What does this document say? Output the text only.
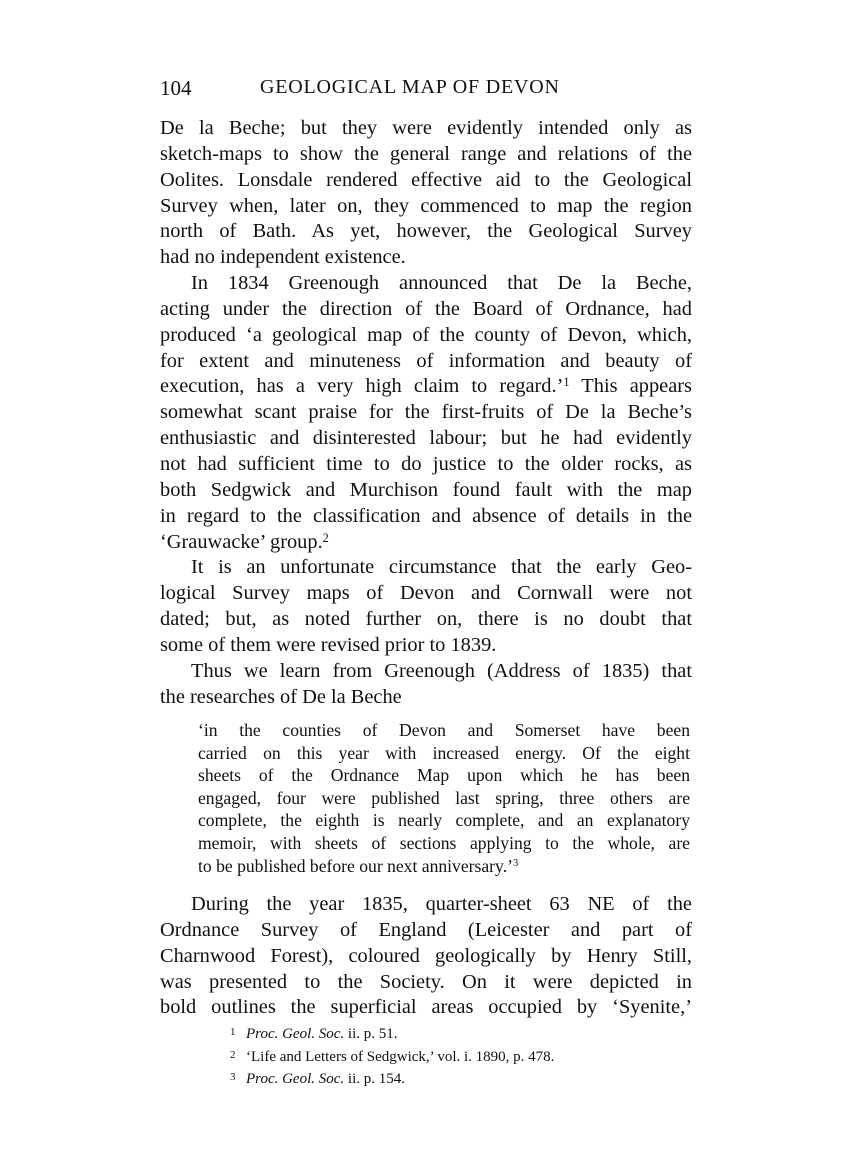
104	GEOLOGICAL MAP OF DEVON
De la Beche; but they were evidently intended only as
sketch-maps to show the general range and relations of the
Oolites. Lonsdale rendered effective aid to the Geological
Survey when, later on, they commenced to map the region
north of Bath. As yet, however, the Geological Survey
had no independent existence.
In 1834 Greenough announced that De la Beche,
acting under the direction of the Board of Ordnance, had
produced ‘a geological map of the county of Devon, which,
for extent and minuteness of information and beauty of
execution, has a very high claim to regard.’$^1$ This appears
somewhat scant praise for the first-fruits of De la Beche’s
enthusiastic and disinterested labour; but he had evidently
not had sufficient time to do justice to the older rocks, as
both Sedgwick and Murchison found fault with the map
in regard to the classification and absence of details in the
‘Grauwacke’ group.$^2$
It is an unfortunate circumstance that the early Geo-
logical Survey maps of Devon and Cornwall were not
dated; but, as noted further on, there is no doubt that
some of them were revised prior to 1839.
Thus we learn from Greenough (Address of 1835) that
the researches of De la Beche
‘in the counties of Devon and Somerset have been
carried on this year with increased energy. Of the eight
sheets of the Ordnance Map upon which he has been
engaged, four were published last spring, three others are
complete, the eighth is nearly complete, and an explanatory
memoir, with sheets of sections applying to the whole, are
to be published before our next anniversary.’$^3$
During the year 1835, quarter-sheet 63 NE of the
Ordnance Survey of England (Leicester and part of
Charnwood Forest), coloured geologically by Henry Still,
was presented to the Society. On it were depicted in
bold outlines the superficial areas occupied by ‘Syenite,’
1 Proc. Geol. Soc. ii. p. 51.
2 ‘Life and Letters of Sedgwick,’ vol. i. 1890, p. 478.
3 Proc. Geol. Soc. ii. p. 154.
